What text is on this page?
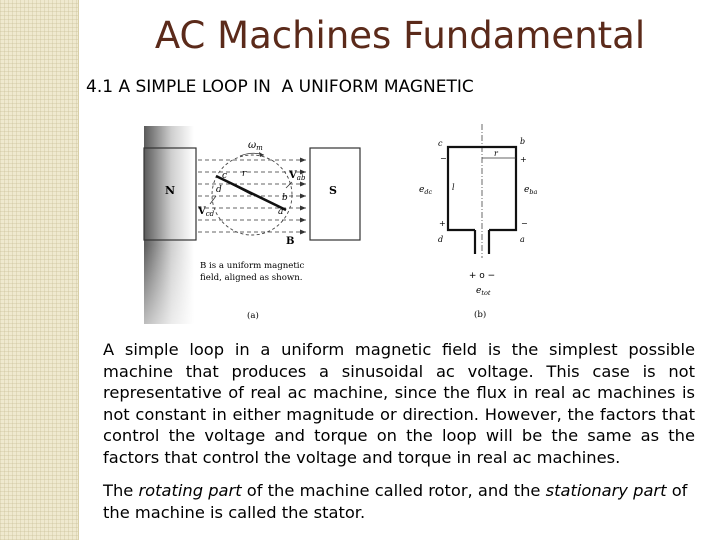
AC Machines Fundamental
4.1 A SIMPLE LOOP IN  A UNIFORM MAGNETIC
N	S
$\omega_m$
r
c
d
b
a
$V_{ab}$
$V_{cd}$
B
B is a uniform magnetic
field, aligned as shown.
(a)
r
l
c	b
d	a
−
$e_{dc}$
+
+
$e_{ba}$
−
+ o −
$e_{tot}$
(b)

A simple loop in a uniform magnetic field is the simplest possible machine that produces a sinusoidal ac voltage. This case is not representative of real ac machine, since the flux in real ac machines is not constant in either magnitude or direction. However, the factors that control the voltage and torque on the loop will be the same as the factors that control the voltage and torque in real ac machines.

The rotating part of the machine called rotor, and the stationary part of the machine is called the stator.
